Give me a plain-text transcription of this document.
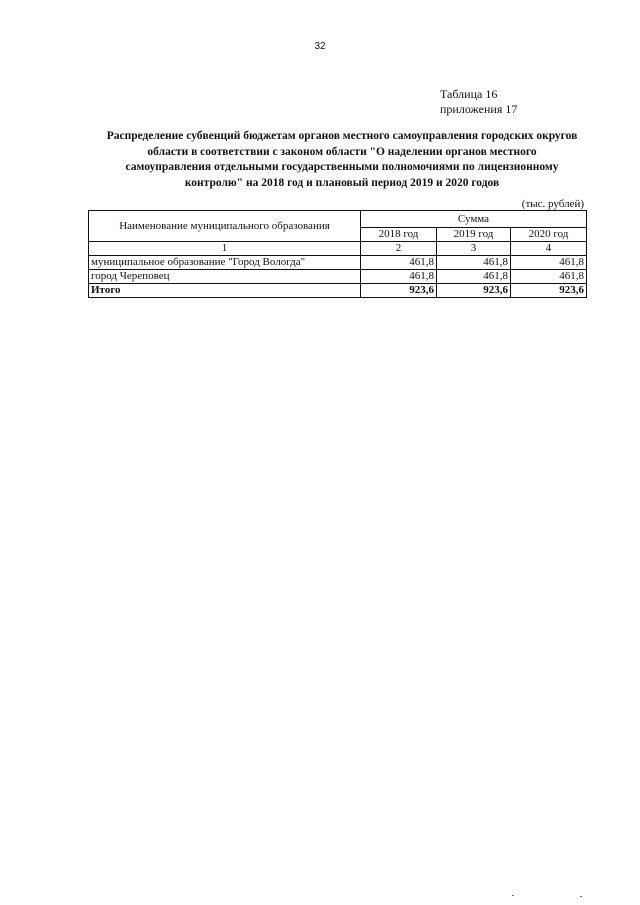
32
Таблица 16
приложения 17
Распределение субвенций бюджетам органов местного самоуправления городских округов
области в соответствии с законом области "О наделении органов местного
самоуправления отдельными государственными полномочиями по лицензионному
контролю" на 2018 год и плановый период 2019 и 2020 годов
(тыс. рублей)
Наименование муниципального образования	Сумма		
	2018 год	2019 год	2020 год
1	2	3	4
муниципальное образование "Город Вологда"	461,8	461,8	461,8
город Череповец	461,8	461,8	461,8
Итого	923,6	923,6	923,6
